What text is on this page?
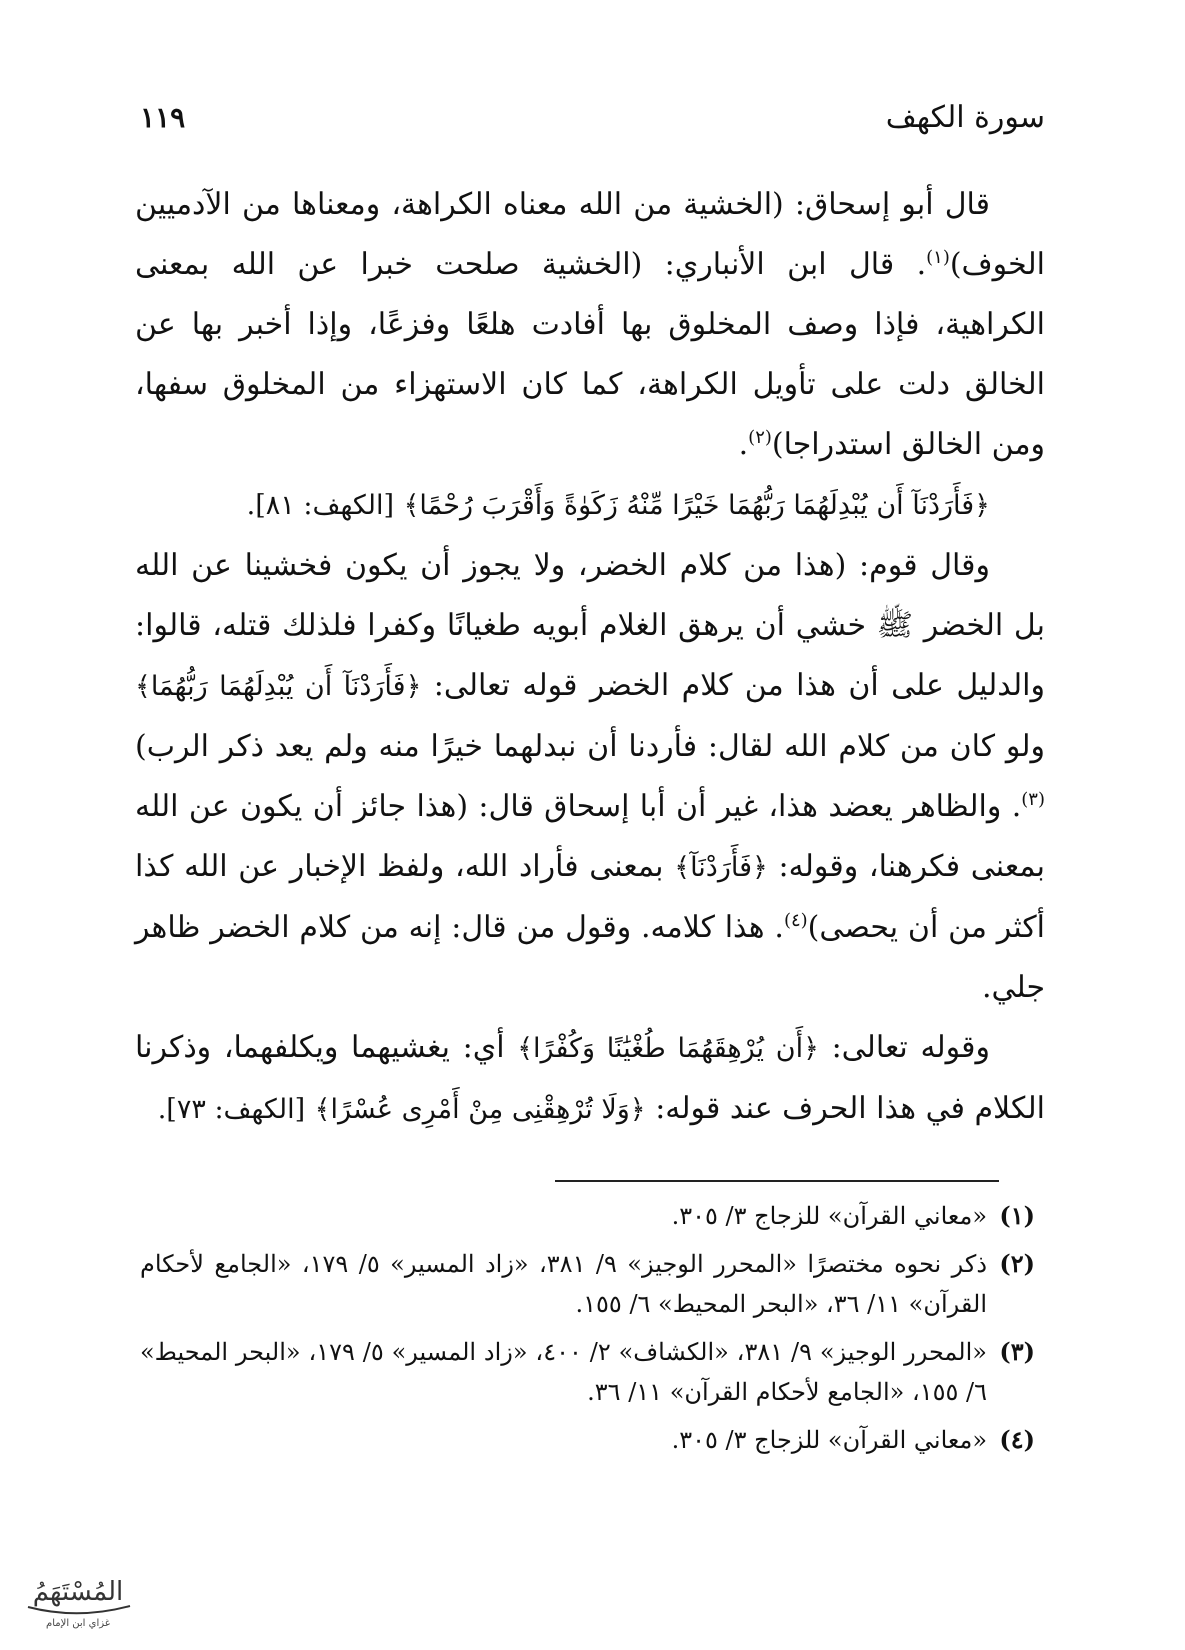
سورة الكهف
١١٩

قال أبو إسحاق: (الخشية من الله معناه الكراهة، ومعناها من الآدميين الخوف)$^{(١)}$. قال ابن الأنباري: (الخشية صلحت خبرا عن الله بمعنى الكراهية، فإذا وصف المخلوق بها أفادت هلعًا وفزعًا، وإذا أخبر بها عن الخالق دلت على تأويل الكراهة، كما كان الاستهزاء من المخلوق سفها، ومن الخالق استدراجا)$^{(٢)}$.

﴿فَأَرَدْنَآ أَن يُبْدِلَهُمَا رَبُّهُمَا خَيْرًا مِّنْهُ زَكَوٰةً وَأَقْرَبَ رُحْمًا﴾ [الكهف: ٨١].

وقال قوم: (هذا من كلام الخضر، ولا يجوز أن يكون فخشينا عن الله بل الخضر ﷺ خشي أن يرهق الغلام أبويه طغيانًا وكفرا فلذلك قتله، قالوا: والدليل على أن هذا من كلام الخضر قوله تعالى: ﴿فَأَرَدْنَآ أَن يُبْدِلَهُمَا رَبُّهُمَا﴾ ولو كان من كلام الله لقال: فأردنا أن نبدلهما خيرًا منه ولم يعد ذكر الرب)$^{(٣)}$. والظاهر يعضد هذا، غير أن أبا إسحاق قال: (هذا جائز أن يكون عن الله بمعنى فكرهنا، وقوله: ﴿فَأَرَدْنَآ﴾ بمعنى فأراد الله، ولفظ الإخبار عن الله كذا أكثر من أن يحصى)$^{(٤)}$. هذا كلامه. وقول من قال: إنه من كلام الخضر ظاهر جلي.

وقوله تعالى: ﴿أَن يُرْهِقَهُمَا طُغْيَٰنًا وَكُفْرًا﴾ أي: يغشيهما ويكلفهما، وذكرنا الكلام في هذا الحرف عند قوله: ﴿وَلَا تُرْهِقْنِى مِنْ أَمْرِى عُسْرًا﴾ [الكهف: ٧٣].

(١)
«معاني القرآن» للزجاج ٣/ ٣٠٥.
(٢)
ذكر نحوه مختصرًا «المحرر الوجيز» ٩/ ٣٨١، «زاد المسير» ٥/ ١٧٩، «الجامع لأحكام القرآن» ١١/ ٣٦، «البحر المحيط» ٦/ ١٥٥.
(٣)
«المحرر الوجيز» ٩/ ٣٨١، «الكشاف» ٢/ ٤٠٠، «زاد المسير» ٥/ ١٧٩، «البحر المحيط» ٦/ ١٥٥، «الجامع لأحكام القرآن» ١١/ ٣٦.
(٤)
«معاني القرآن» للزجاج ٣/ ٣٠٥.
المُسْتَهَمُ
غزاي ابن الإمام
